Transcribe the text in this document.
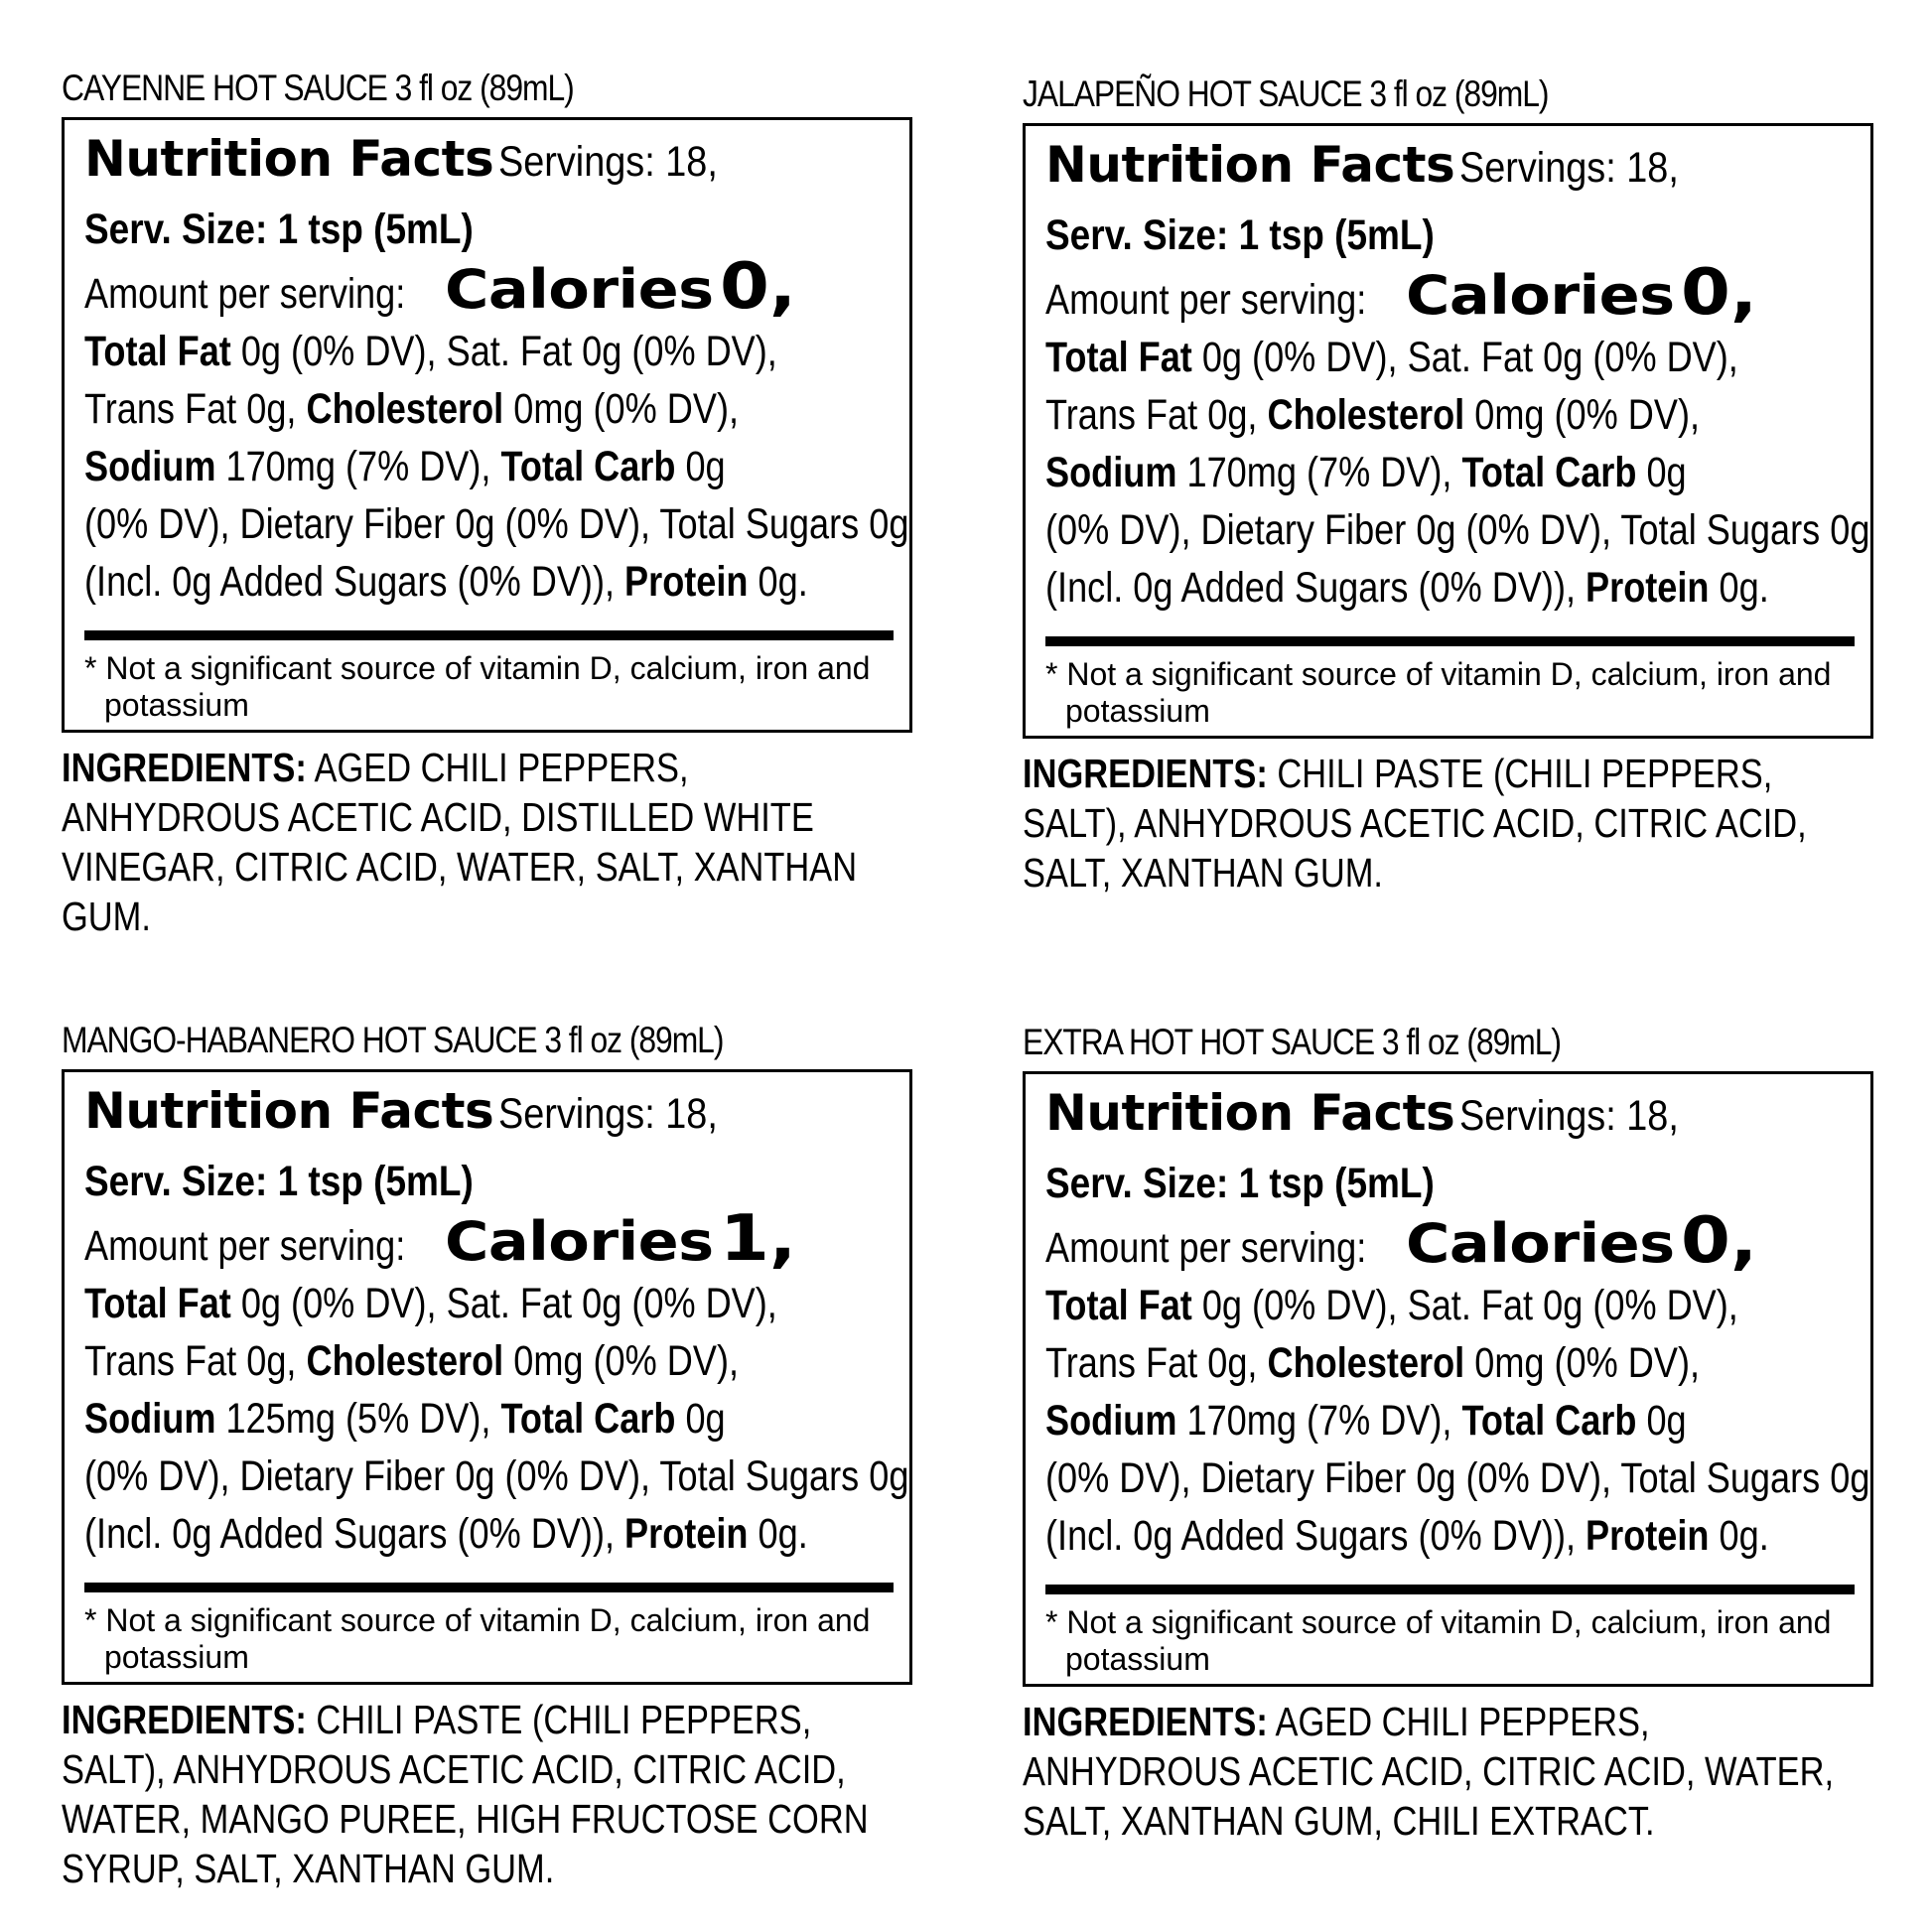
CAYENNE HOT SAUCE 3 fl oz (89mL)
Nutrition Facts Servings: 18,
Serv. Size: 1 tsp (5mL)
Amount per serving: Calories 0,
Total Fat 0g (0% DV), Sat. Fat 0g (0% DV),
Trans Fat 0g, Cholesterol 0mg (0% DV),
Sodium 170mg (7% DV), Total Carb 0g
(0% DV), Dietary Fiber 0g (0% DV), Total Sugars 0g
(Incl. 0g Added Sugars (0% DV)), Protein 0g.
* Not a significant source of vitamin D, calcium, iron and potassium
INGREDIENTS: AGED CHILI PEPPERS, ANHYDROUS ACETIC ACID, DISTILLED WHITE VINEGAR, CITRIC ACID, WATER, SALT, XANTHAN GUM.
JALAPEÑO HOT SAUCE 3 fl oz (89mL)
Nutrition Facts Servings: 18,
Serv. Size: 1 tsp (5mL)
Amount per serving: Calories 0,
Total Fat 0g (0% DV), Sat. Fat 0g (0% DV),
Trans Fat 0g, Cholesterol 0mg (0% DV),
Sodium 170mg (7% DV), Total Carb 0g
(0% DV), Dietary Fiber 0g (0% DV), Total Sugars 0g
(Incl. 0g Added Sugars (0% DV)), Protein 0g.
* Not a significant source of vitamin D, calcium, iron and potassium
INGREDIENTS: CHILI PASTE (CHILI PEPPERS, SALT), ANHYDROUS ACETIC ACID, CITRIC ACID, SALT, XANTHAN GUM.
MANGO-HABANERO HOT SAUCE 3 fl oz (89mL)
Nutrition Facts Servings: 18,
Serv. Size: 1 tsp (5mL)
Amount per serving: Calories 1,
Total Fat 0g (0% DV), Sat. Fat 0g (0% DV),
Trans Fat 0g, Cholesterol 0mg (0% DV),
Sodium 125mg (5% DV), Total Carb 0g
(0% DV), Dietary Fiber 0g (0% DV), Total Sugars 0g
(Incl. 0g Added Sugars (0% DV)), Protein 0g.
* Not a significant source of vitamin D, calcium, iron and potassium
INGREDIENTS: CHILI PASTE (CHILI PEPPERS, SALT), ANHYDROUS ACETIC ACID, CITRIC ACID, WATER, MANGO PUREE, HIGH FRUCTOSE CORN SYRUP, SALT, XANTHAN GUM.
EXTRA HOT HOT SAUCE 3 fl oz (89mL)
Nutrition Facts Servings: 18,
Serv. Size: 1 tsp (5mL)
Amount per serving: Calories 0,
Total Fat 0g (0% DV), Sat. Fat 0g (0% DV),
Trans Fat 0g, Cholesterol 0mg (0% DV),
Sodium 170mg (7% DV), Total Carb 0g
(0% DV), Dietary Fiber 0g (0% DV), Total Sugars 0g
(Incl. 0g Added Sugars (0% DV)), Protein 0g.
* Not a significant source of vitamin D, calcium, iron and potassium
INGREDIENTS: AGED CHILI PEPPERS, ANHYDROUS ACETIC ACID, CITRIC ACID, WATER, SALT, XANTHAN GUM, CHILI EXTRACT.
